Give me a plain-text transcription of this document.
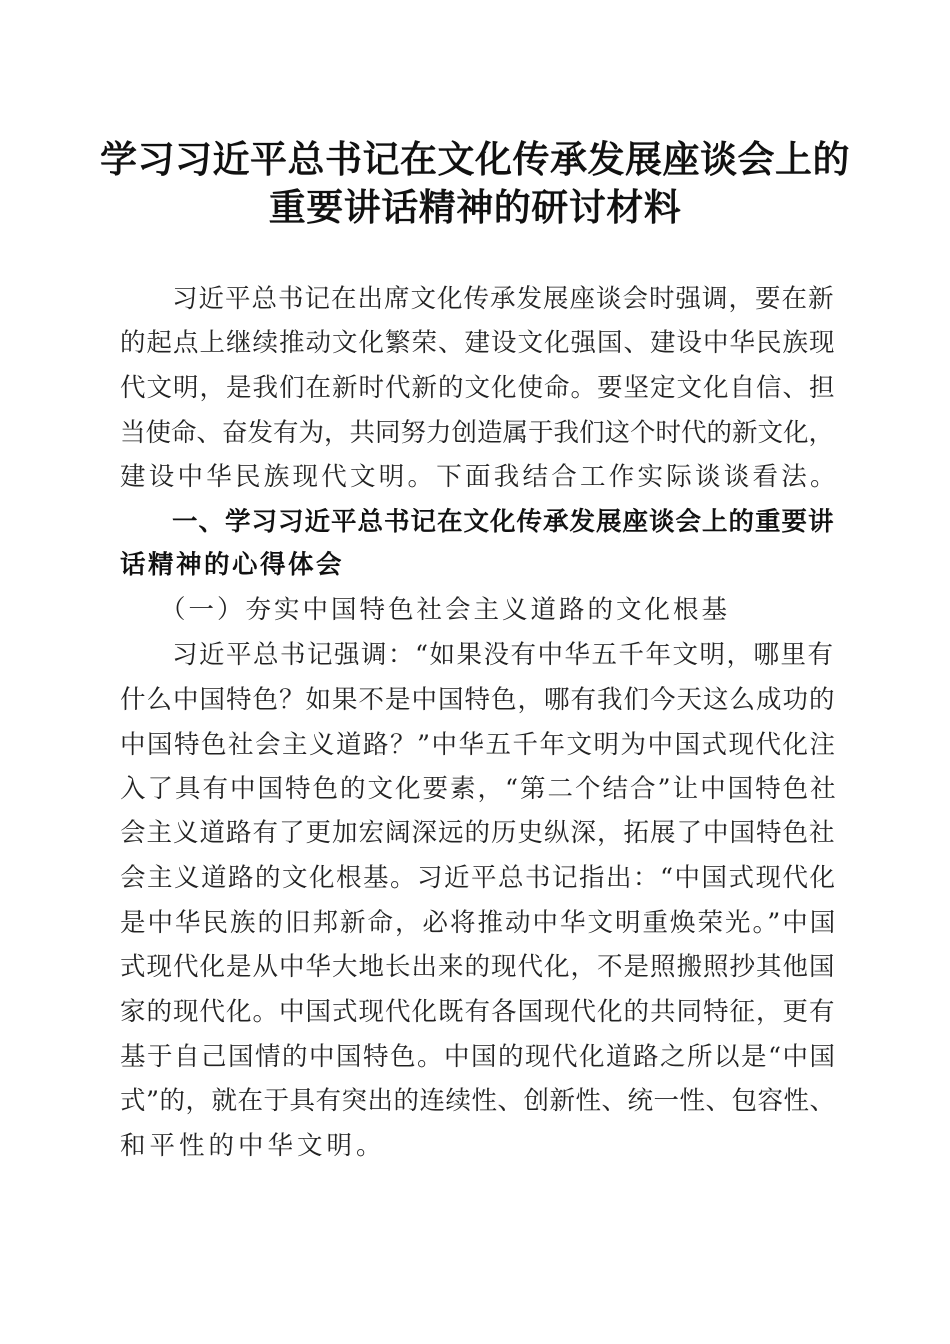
学习习近平总书记在文化传承发展座谈会上的
重要讲话精神的研讨材料
习近平总书记在出席文化传承发展座谈会时强调，要在新
的起点上继续推动文化繁荣、建设文化强国、建设中华民族现
代文明，是我们在新时代新的文化使命。要坚定文化自信、担
当使命、奋发有为，共同努力创造属于我们这个时代的新文化，
建设中华民族现代文明。下面我结合工作实际谈谈看法。
一、学习习近平总书记在文化传承发展座谈会上的重要讲
话精神的心得体会
（一）夯实中国特色社会主义道路的文化根基
习近平总书记强调：“如果没有中华五千年文明，哪里有
什么中国特色？如果不是中国特色，哪有我们今天这么成功的
中国特色社会主义道路？”中华五千年文明为中国式现代化注
入了具有中国特色的文化要素，“第二个结合”让中国特色社
会主义道路有了更加宏阔深远的历史纵深，拓展了中国特色社
会主义道路的文化根基。习近平总书记指出：“中国式现代化
是中华民族的旧邦新命，必将推动中华文明重焕荣光。”中国
式现代化是从中华大地长出来的现代化，不是照搬照抄其他国
家的现代化。中国式现代化既有各国现代化的共同特征，更有
基于自己国情的中国特色。中国的现代化道路之所以是“中国
式”的，就在于具有突出的连续性、创新性、统一性、包容性、
和平性的中华文明。
